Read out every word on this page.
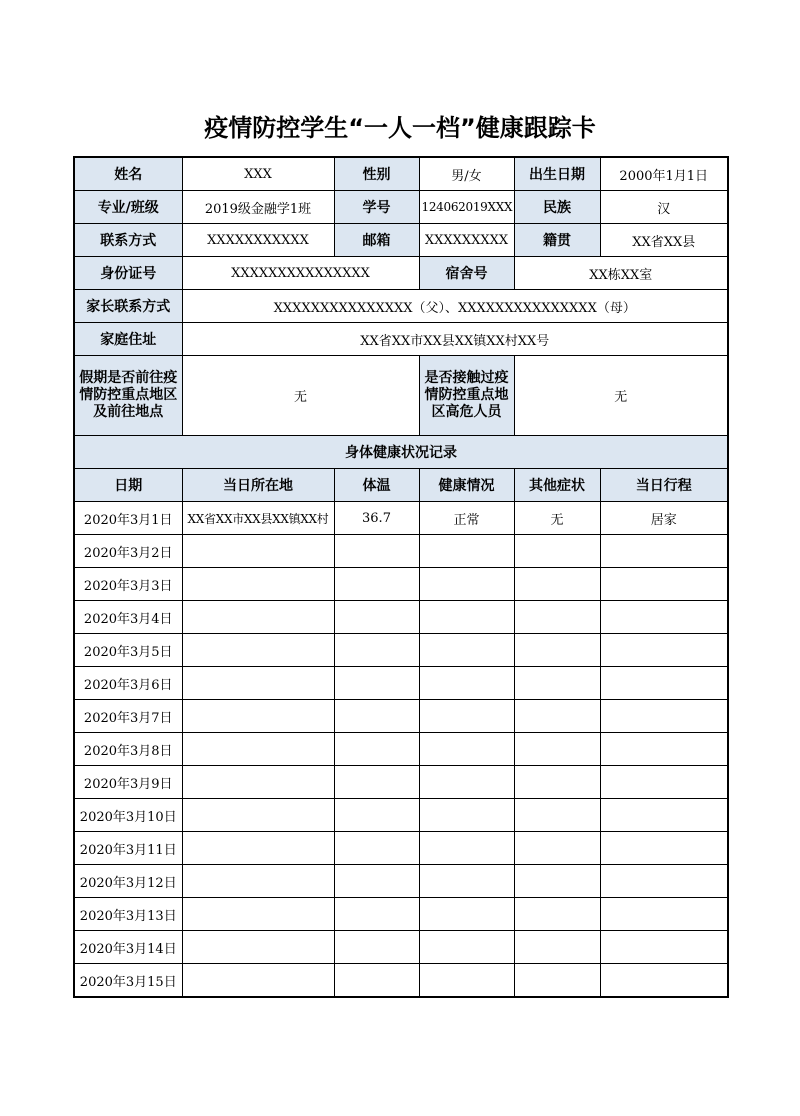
疫情防控学生“一人一档”健康跟踪卡
姓名	XXX	性别	男/女	出生日期	2000年1月1日
专业/班级	2019级金融学1班	学号	124062019XXX	民族	汉
联系方式	XXXXXXXXXXX	邮箱	XXXXXXXXX	籍贯	XX省XX县
身份证号	XXXXXXXXXXXXXXX		宿舍号	XX栋XX室	
家长联系方式	XXXXXXXXXXXXXXX（父）、XXXXXXXXXXXXXXX（母）				
家庭住址	XX省XX市XX县XX镇XX村XX号				
假期是否前往疫情防控重点地区及前往地点	无		是否接触过疫情防控重点地区高危人员	无	
身体健康状况记录					
日期	当日所在地	体温	健康情况	其他症状	当日行程
2020年3月1日	XX省XX市XX县XX镇XX村	36.7	正常	无	居家
2020年3月2日					
2020年3月3日					
2020年3月4日					
2020年3月5日					
2020年3月6日					
2020年3月7日					
2020年3月8日					
2020年3月9日					
2020年3月10日					
2020年3月11日					
2020年3月12日					
2020年3月13日					
2020年3月14日					
2020年3月15日					
